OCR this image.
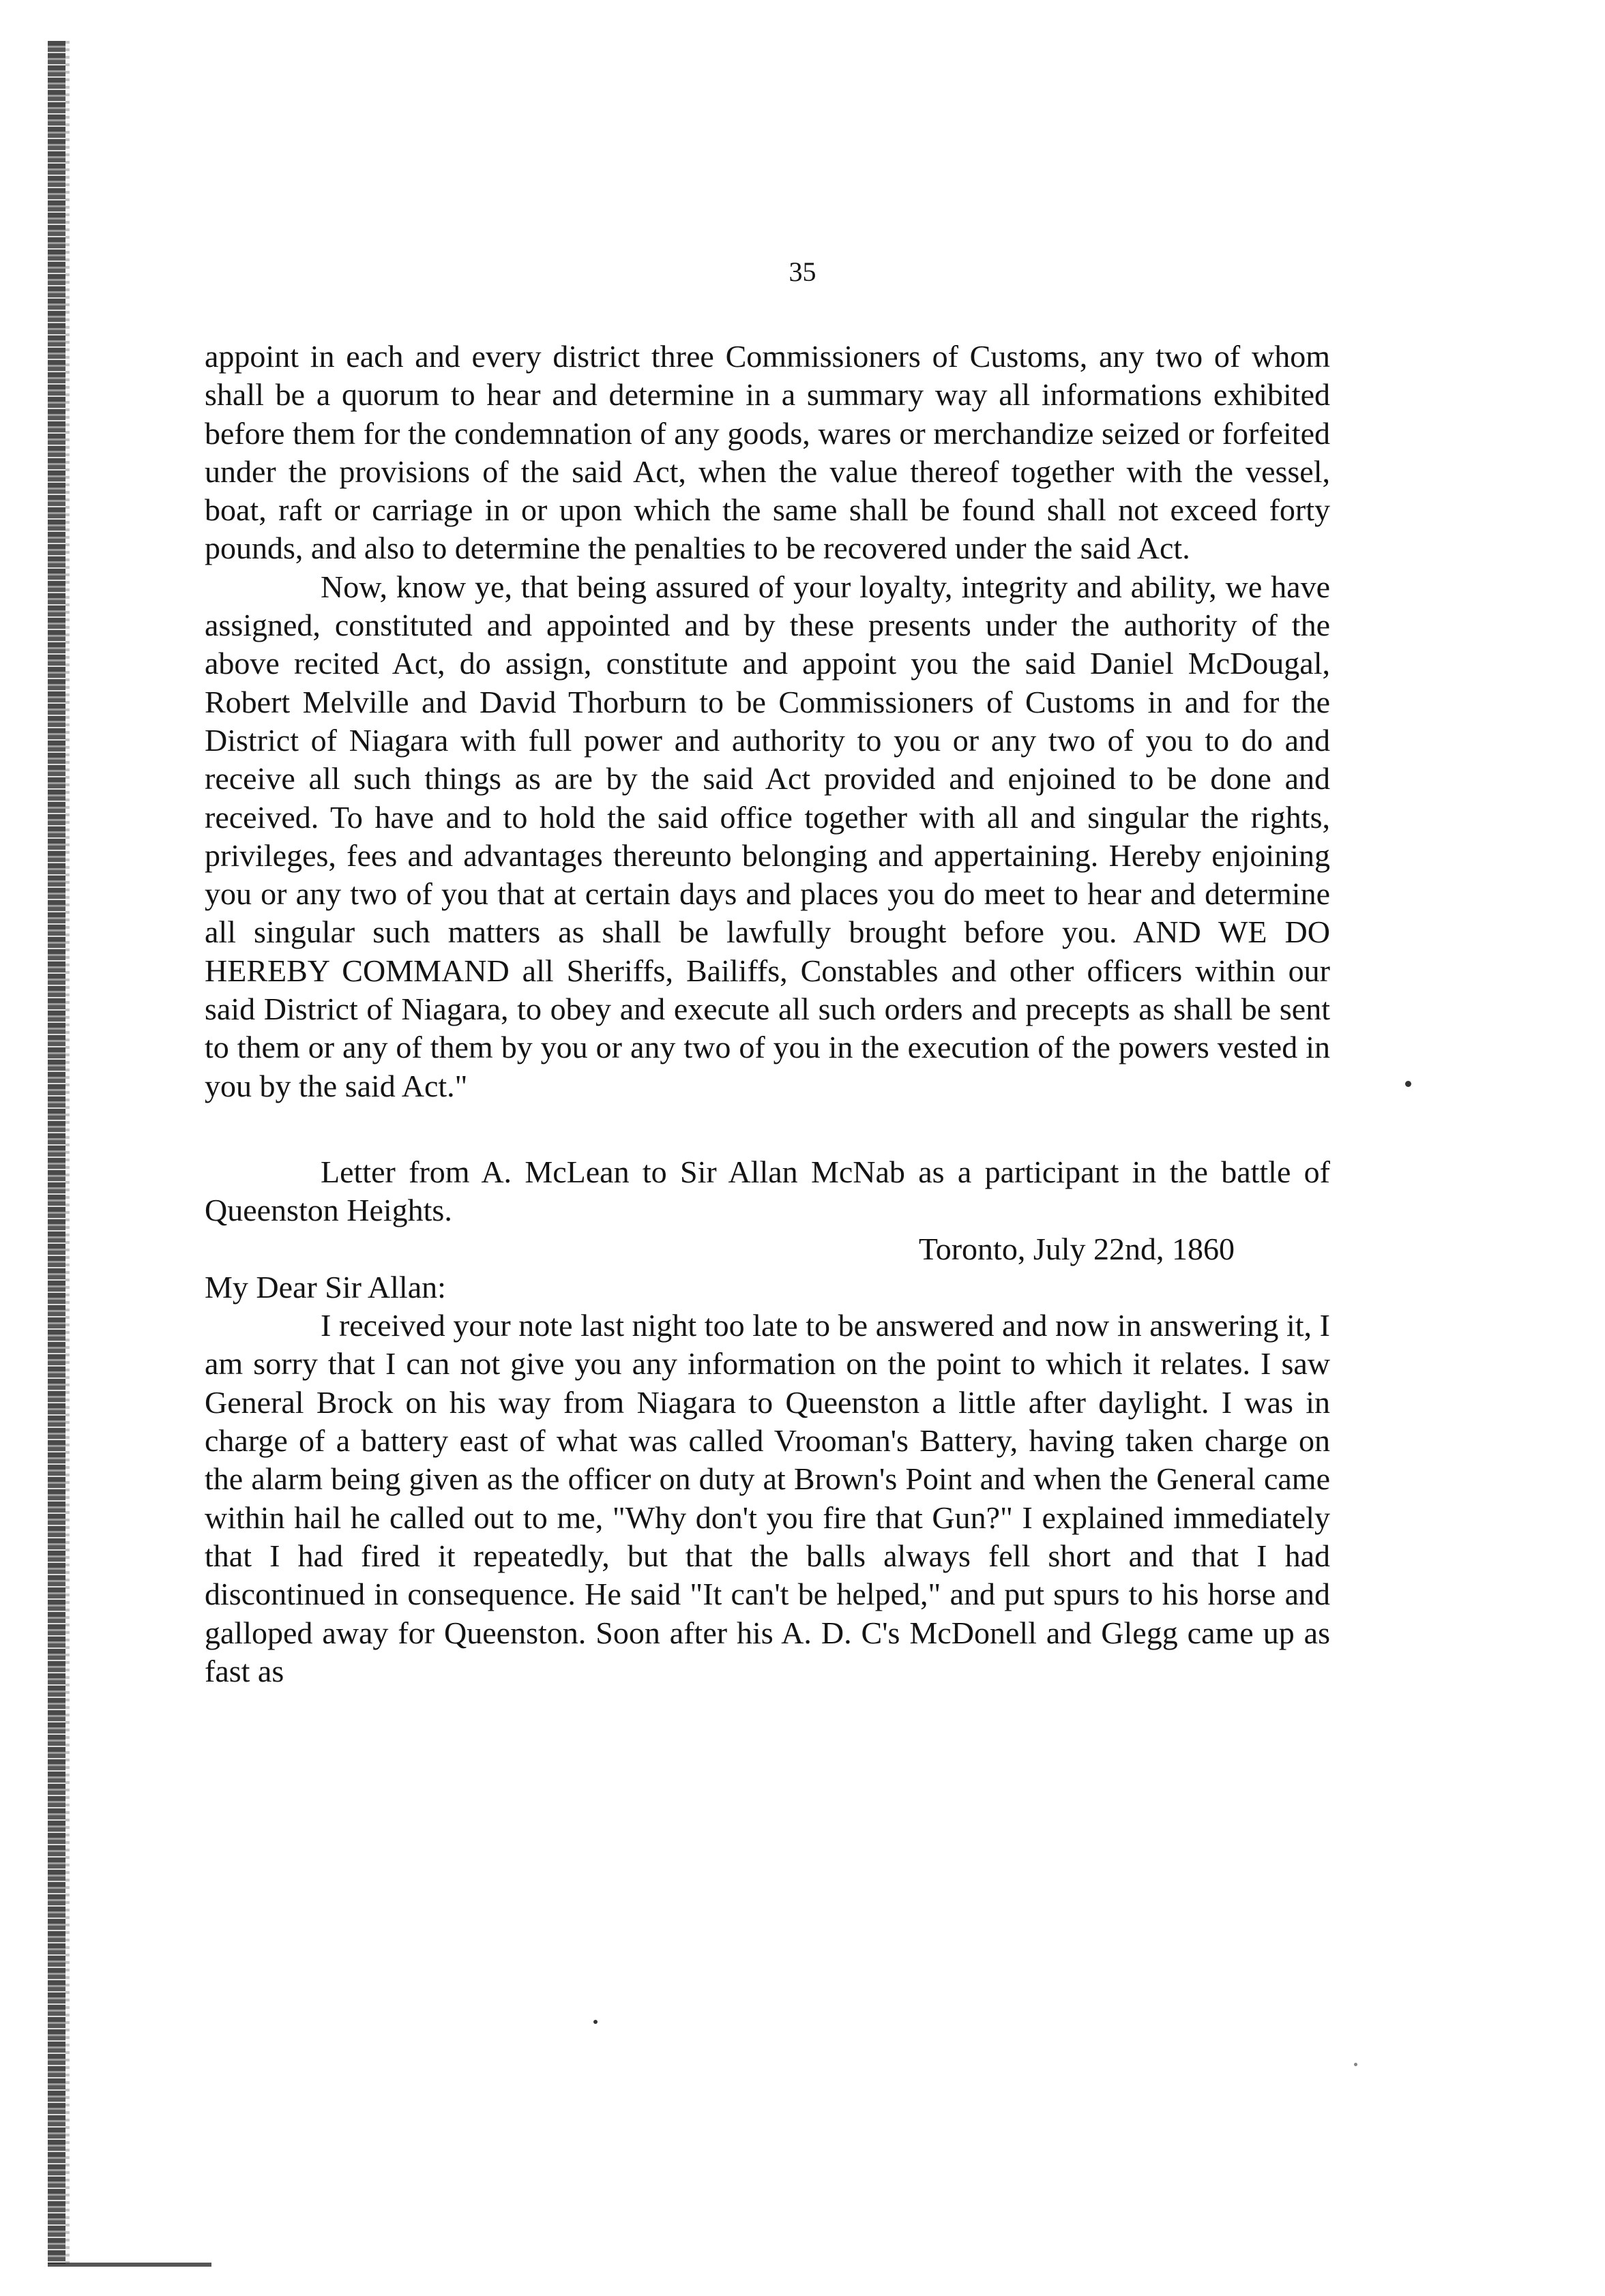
35

appoint in each and every district three Commissioners of Customs, any two of whom shall be a quorum to hear and determine in a summary way all informations exhibited before them for the condemnation of any goods, wares or merchandize seized or forfeited under the provisions of the said Act, when the value thereof together with the vessel, boat, raft or carriage in or upon which the same shall be found shall not exceed forty pounds, and also to determine the penalties to be recovered under the said Act.

Now, know ye, that being assured of your loyalty, integrity and ability, we have assigned, constituted and appointed and by these presents under the authority of the above recited Act, do assign, constitute and appoint you the said Daniel McDougal, Robert Melville and David Thorburn to be Commissioners of Customs in and for the District of Niagara with full power and authority to you or any two of you to do and receive all such things as are by the said Act provided and enjoined to be done and received. To have and to hold the said office together with all and singular the rights, privileges, fees and advantages thereunto belonging and appertaining. Hereby enjoining you or any two of you that at certain days and places you do meet to hear and determine all singular such matters as shall be lawfully brought before you. AND WE DO HEREBY COMMAND all Sheriffs, Bailiffs, Constables and other officers within our said District of Niagara, to obey and execute all such orders and precepts as shall be sent to them or any of them by you or any two of you in the execution of the powers vested in you by the said Act."

Letter from A. McLean to Sir Allan McNab as a participant in the battle of Queenston Heights.

Toronto, July 22nd, 1860

My Dear Sir Allan:

I received your note last night too late to be answered and now in answering it, I am sorry that I can not give you any information on the point to which it relates. I saw General Brock on his way from Niagara to Queenston a little after daylight. I was in charge of a battery east of what was called Vrooman's Battery, having taken charge on the alarm being given as the officer on duty at Brown's Point and when the General came within hail he called out to me, "Why don't you fire that Gun?" I explained immediately that I had fired it repeatedly, but that the balls always fell short and that I had discontinued in consequence. He said "It can't be helped," and put spurs to his horse and galloped away for Queenston. Soon after his A. D. C's McDonell and Glegg came up as fast as
